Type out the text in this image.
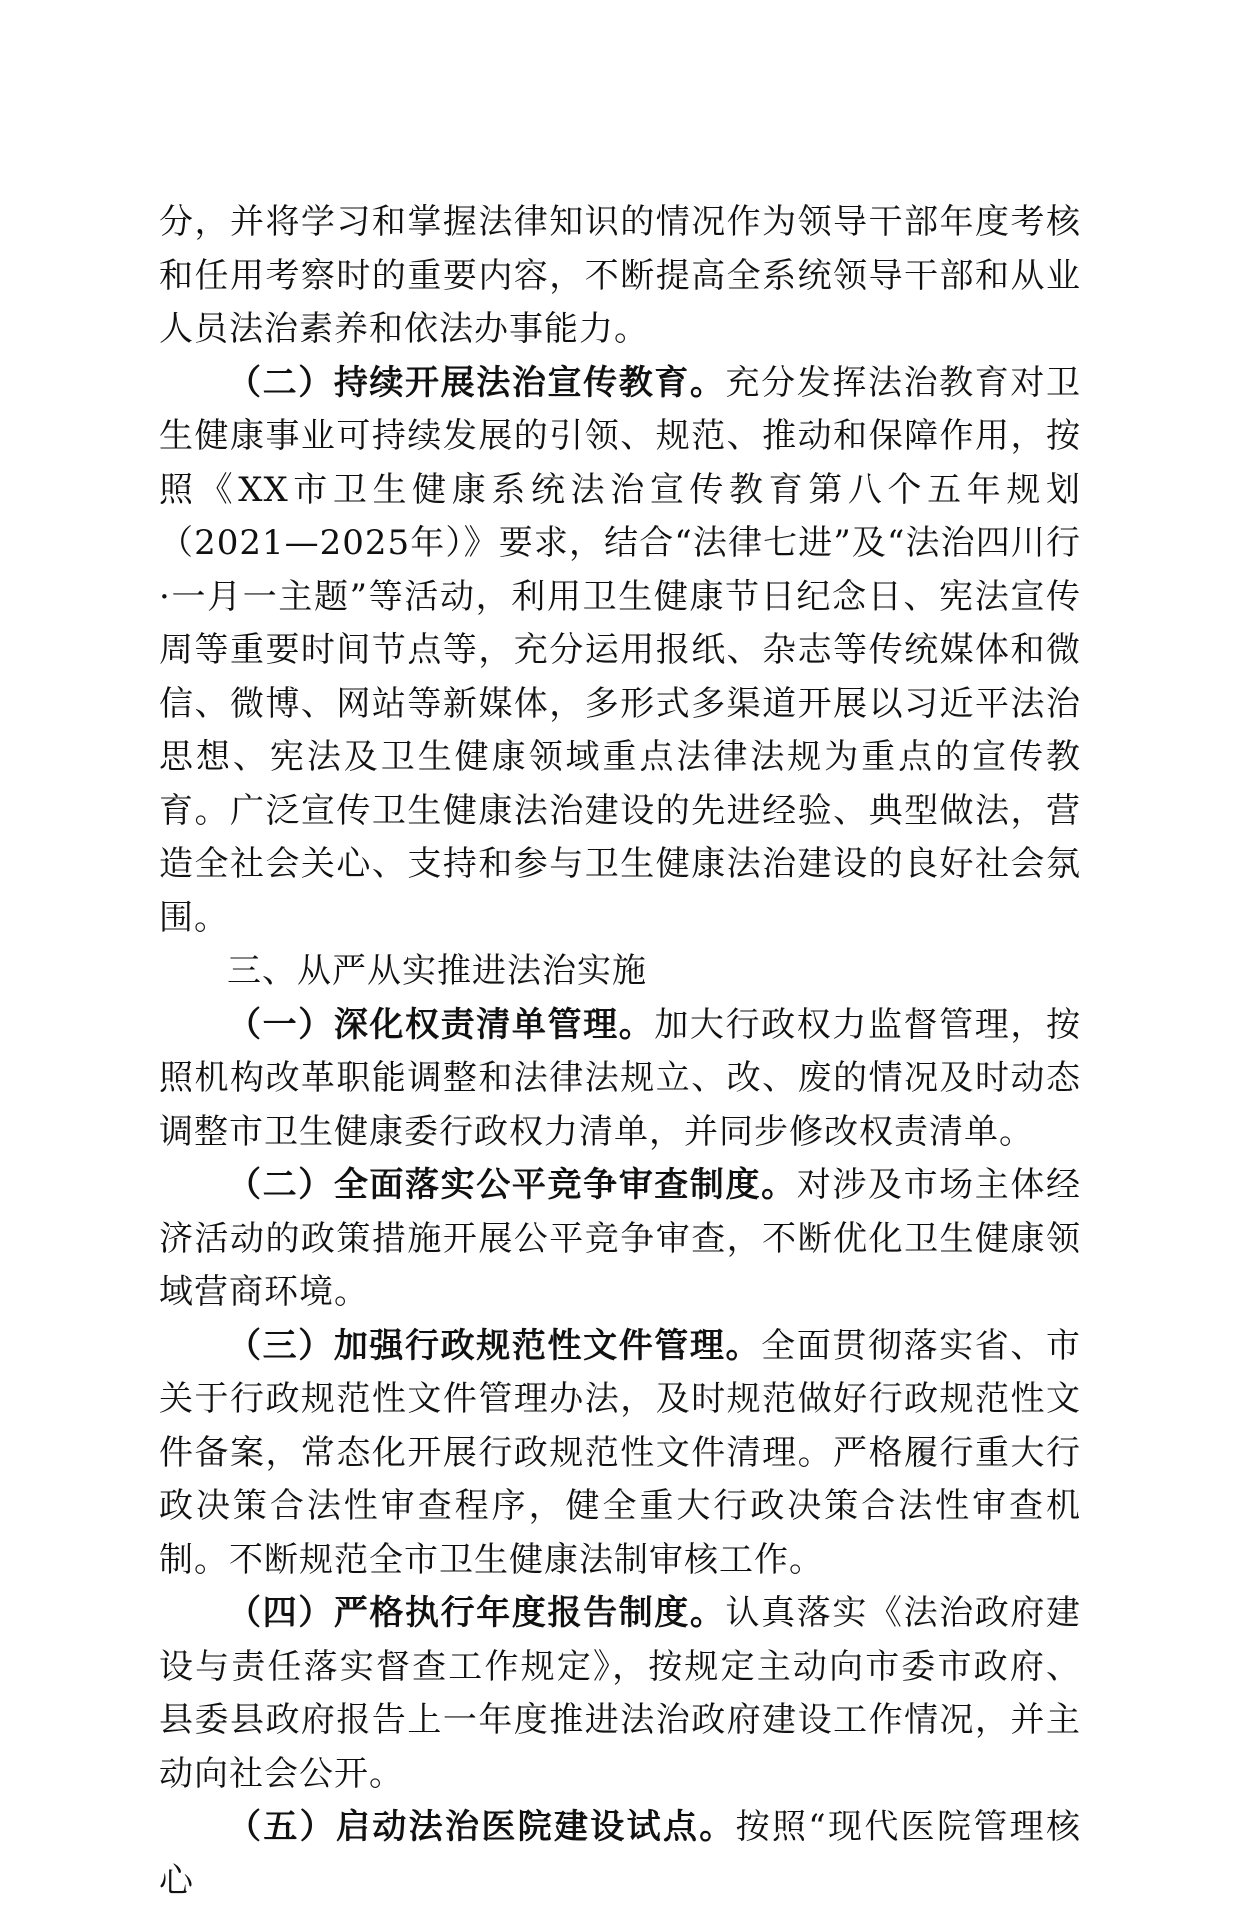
分，并将学习和掌握法律知识的情况作为领导干部年度考核和任用考察时的重要内容，不断提高全系统领导干部和从业人员法治素养和依法办事能力。

（二）持续开展法治宣传教育。充分发挥法治教育对卫生健康事业可持续发展的引领、规范、推动和保障作用，按照《XX市卫生健康系统法治宣传教育第八个五年规划（2021—2025年）》要求，结合“法律七进”及“法治四川行·一月一主题”等活动，利用卫生健康节日纪念日、宪法宣传周等重要时间节点等，充分运用报纸、杂志等传统媒体和微信、微博、网站等新媒体，多形式多渠道开展以习近平法治思想、宪法及卫生健康领域重点法律法规为重点的宣传教育。广泛宣传卫生健康法治建设的先进经验、典型做法，营造全社会关心、支持和参与卫生健康法治建设的良好社会氛围。

三、从严从实推进法治实施

（一）深化权责清单管理。加大行政权力监督管理，按照机构改革职能调整和法律法规立、改、废的情况及时动态调整市卫生健康委行政权力清单，并同步修改权责清单。

（二）全面落实公平竞争审查制度。对涉及市场主体经济活动的政策措施开展公平竞争审查，不断优化卫生健康领域营商环境。

（三）加强行政规范性文件管理。全面贯彻落实省、市关于行政规范性文件管理办法，及时规范做好行政规范性文件备案，常态化开展行政规范性文件清理。严格履行重大行政决策合法性审查程序，健全重大行政决策合法性审查机制。不断规范全市卫生健康法制审核工作。

（四）严格执行年度报告制度。认真落实《法治政府建设与责任落实督查工作规定》，按规定主动向市委市政府、县委县政府报告上一年度推进法治政府建设工作情况，并主动向社会公开。

（五）启动法治医院建设试点。按照“现代医院管理核心
